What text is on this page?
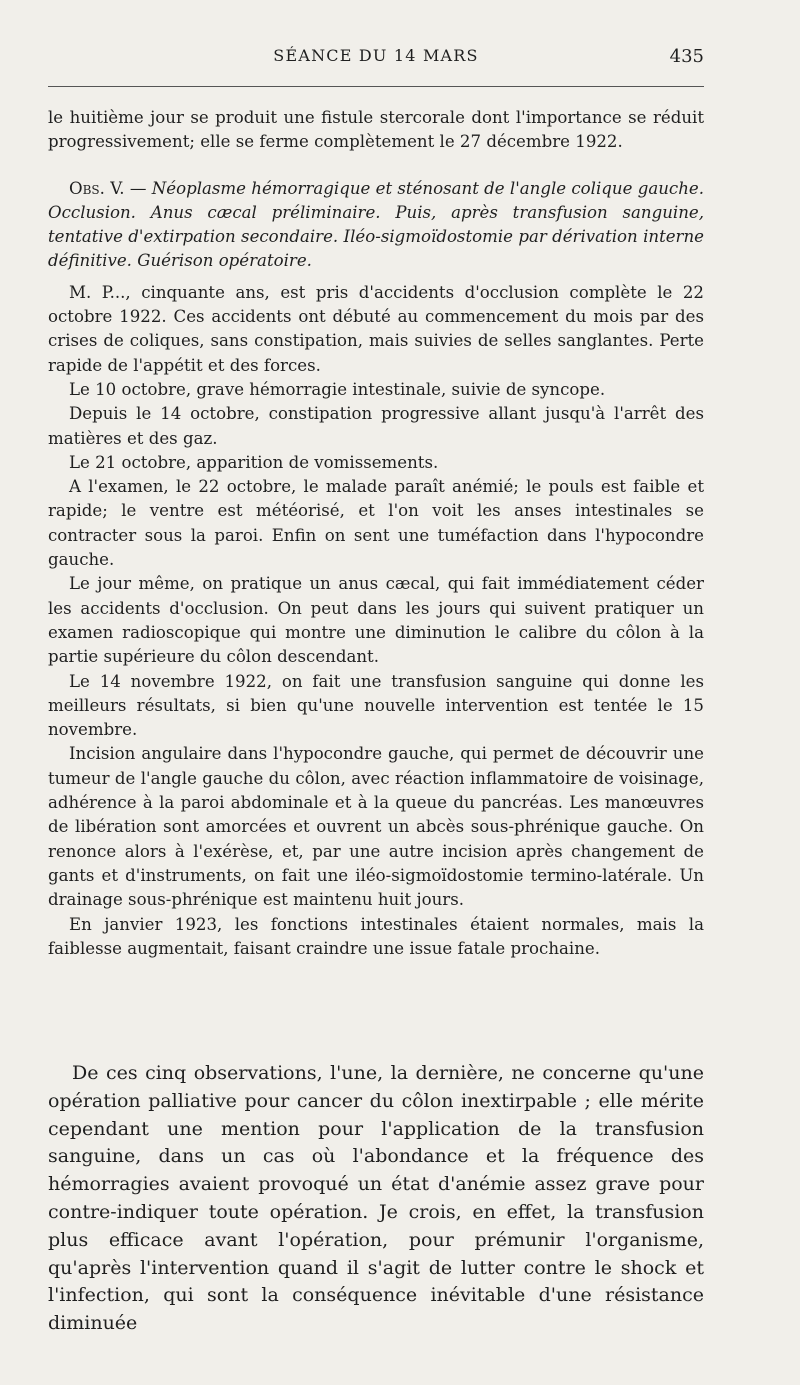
SÉANCE DU 14 MARS	435

le huitième jour se produit une fistule stercorale dont l'importance se réduit progressivement; elle se ferme complètement le 27 décembre 1922.

Obs. V. — Néoplasme hémorragique et sténosant de l'angle colique gauche. Occlusion. Anus cæcal préliminaire. Puis, après transfusion sanguine, tentative d'extirpation secondaire. Iléo-sigmoïdostomie par dérivation interne définitive. Guérison opératoire.

M. P..., cinquante ans, est pris d'accidents d'occlusion complète le 22 octobre 1922. Ces accidents ont débuté au commencement du mois par des crises de coliques, sans constipation, mais suivies de selles sanglantes. Perte rapide de l'appétit et des forces.

Le 10 octobre, grave hémorragie intestinale, suivie de syncope.

Depuis le 14 octobre, constipation progressive allant jusqu'à l'arrêt des matières et des gaz.

Le 21 octobre, apparition de vomissements.

A l'examen, le 22 octobre, le malade paraît anémié; le pouls est faible et rapide; le ventre est météorisé, et l'on voit les anses intestinales se contracter sous la paroi. Enfin on sent une tuméfaction dans l'hypocondre gauche.

Le jour même, on pratique un anus cæcal, qui fait immédiatement céder les accidents d'occlusion. On peut dans les jours qui suivent pratiquer un examen radioscopique qui montre une diminution le calibre du côlon à la partie supérieure du côlon descendant.

Le 14 novembre 1922, on fait une transfusion sanguine qui donne les meilleurs résultats, si bien qu'une nouvelle intervention est tentée le 15 novembre.

Incision angulaire dans l'hypocondre gauche, qui permet de découvrir une tumeur de l'angle gauche du côlon, avec réaction inflammatoire de voisinage, adhérence à la paroi abdominale et à la queue du pancréas. Les manœuvres de libération sont amorcées et ouvrent un abcès sous-phrénique gauche. On renonce alors à l'exérèse, et, par une autre incision après changement de gants et d'instruments, on fait une iléo-sigmoïdostomie termino-latérale. Un drainage sous-phrénique est maintenu huit jours.

En janvier 1923, les fonctions intestinales étaient normales, mais la faiblesse augmentait, faisant craindre une issue fatale prochaine.

De ces cinq observations, l'une, la dernière, ne concerne qu'une opération palliative pour cancer du côlon inextirpable ; elle mérite cependant une mention pour l'application de la transfusion sanguine, dans un cas où l'abondance et la fréquence des hémorragies avaient provoqué un état d'anémie assez grave pour contre-indiquer toute opération. Je crois, en effet, la transfusion plus efficace avant l'opération, pour prémunir l'organisme, qu'après l'intervention quand il s'agit de lutter contre le shock et l'infection, qui sont la conséquence inévitable d'une résistance diminuée
